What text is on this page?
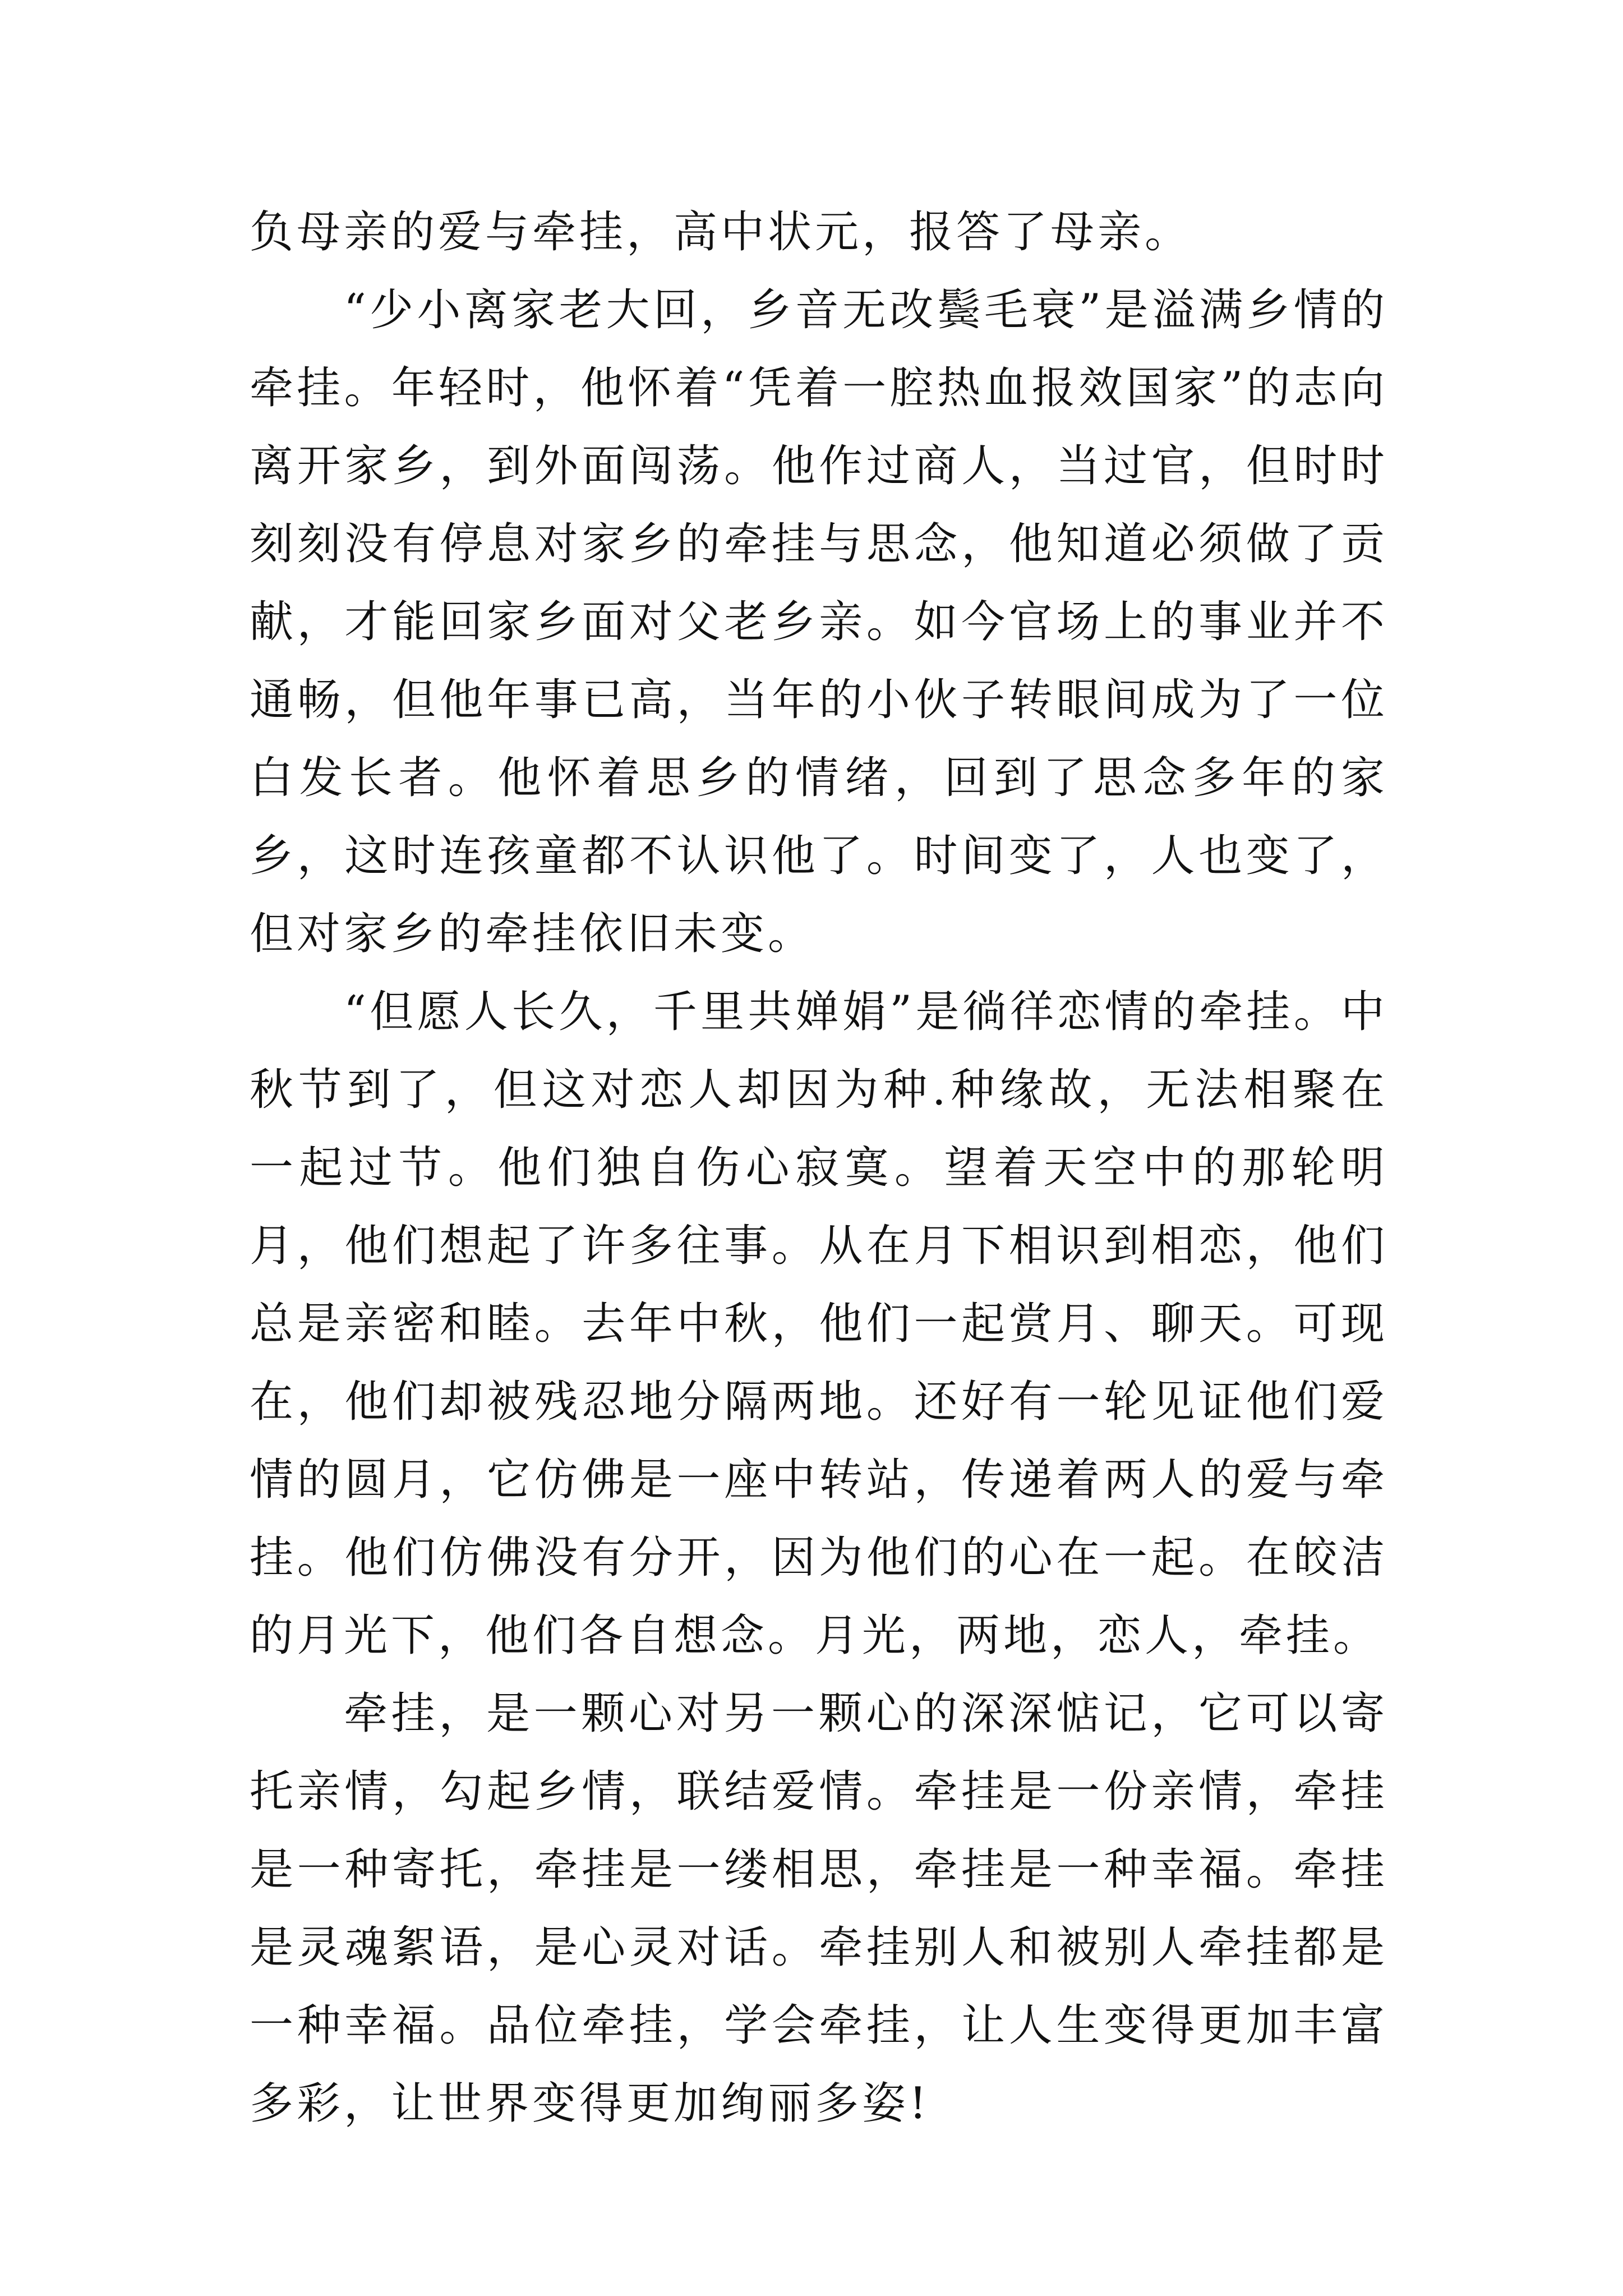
负母亲的爱与牵挂，高中状元，报答了母亲。

“少小离家老大回，乡音无改鬓毛衰”是溢满乡情的牵挂。年轻时，他怀着“凭着一腔热血报效国家”的志向离开家乡，到外面闯荡。他作过商人，当过官，但时时刻刻没有停息对家乡的牵挂与思念，他知道必须做了贡献，才能回家乡面对父老乡亲。如今官场上的事业并不通畅，但他年事已高，当年的小伙子转眼间成为了一位白发长者。他怀着思乡的情绪，回到了思念多年的家乡，这时连孩童都不认识他了。时间变了，人也变了，但对家乡的牵挂依旧未变。

“但愿人长久，千里共婵娟”是徜徉恋情的牵挂。中秋节到了，但这对恋人却因为种.种缘故，无法相聚在一起过节。他们独自伤心寂寞。望着天空中的那轮明月，他们想起了许多往事。从在月下相识到相恋，他们总是亲密和睦。去年中秋，他们一起赏月、聊天。可现在，他们却被残忍地分隔两地。还好有一轮见证他们爱情的圆月，它仿佛是一座中转站，传递着两人的爱与牵挂。他们仿佛没有分开，因为他们的心在一起。在皎洁的月光下，他们各自想念。月光，两地，恋人，牵挂。

牵挂，是一颗心对另一颗心的深深惦记，它可以寄托亲情，勾起乡情，联结爱情。牵挂是一份亲情，牵挂是一种寄托，牵挂是一缕相思，牵挂是一种幸福。牵挂是灵魂絮语，是心灵对话。牵挂别人和被别人牵挂都是一种幸福。品位牵挂，学会牵挂，让人生变得更加丰富多彩，让世界变得更加绚丽多姿!
